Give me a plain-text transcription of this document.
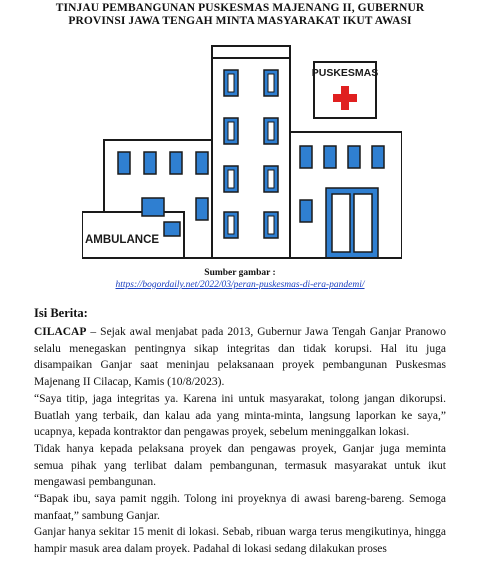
TINJAU PEMBANGUNAN PUSKESMAS MAJENANG II, GUBERNUR
PROVINSI JAWA TENGAH MINTA MASYARAKAT IKUT AWASI
PUSKESMAS
AMBULANCE
Sumber gambar :
https://bogordaily.net/2022/03/peran-puskesmas-di-era-pandemi/
Isi Berita:

CILACAP – Sejak awal menjabat pada 2013, Gubernur Jawa Tengah Ganjar Pranowo selalu menegaskan pentingnya sikap integritas dan tidak korupsi. Hal itu juga disampaikan Ganjar saat meninjau pelaksanaan proyek pembangunan Puskesmas Majenang II Cilacap, Kamis (10/8/2023).

“Saya titip, jaga integritas ya. Karena ini untuk masyarakat, tolong jangan dikorupsi. Buatlah yang terbaik, dan kalau ada yang minta-minta, langsung laporkan ke saya,” ucapnya, kepada kontraktor dan pengawas proyek, sebelum meninggalkan lokasi.

Tidak hanya kepada pelaksana proyek dan pengawas proyek, Ganjar juga meminta semua pihak yang terlibat dalam pembangunan, termasuk masyarakat untuk ikut mengawasi pembangunan.

“Bapak ibu, saya pamit nggih. Tolong ini proyeknya di awasi bareng-bareng. Semoga manfaat,” sambung Ganjar.

Ganjar hanya sekitar 15 menit di lokasi. Sebab, ribuan warga terus mengikutinya, hingga hampir masuk area dalam proyek. Padahal di lokasi sedang dilakukan proses
